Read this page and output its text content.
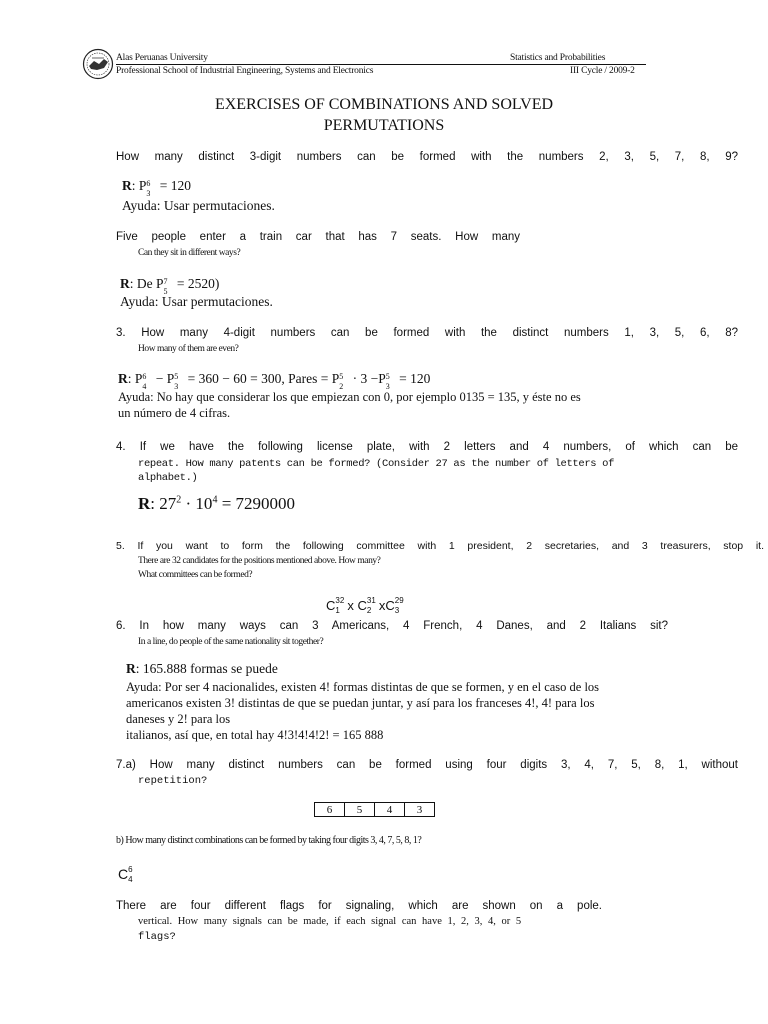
Alas Peruanas University
Professional School of Industrial Engineering, Systems and Electronics
Statistics and Probabilities
III Cycle / 2009-2
EXERCISES OF COMBINATIONS AND SOLVED
PERMUTATIONS
How many distinct 3-digit numbers can be formed with the numbers 2, 3, 5, 7, 8, 9?
R: P 6
3
= 120
Ayuda: Usar permutaciones.
Five people enter a train car that has 7 seats. How many
Can they sit in different ways?
R: De P 7
5
= 2520)
Ayuda: Usar permutaciones.
3. How many 4-digit numbers can be formed with the distinct numbers 1, 3, 5, 6, 8?
How many of them are even?
R: P 6
4
− P 5
3
= 360 − 60 = 300, Pares = P 5
2
· 3 −P 5
3
= 120
Ayuda: No hay que considerar los que empiezan con 0, por ejemplo 0135 = 135, y éste no es
un número de 4 cifras.
4. If we have the following license plate, with 2 letters and 4 numbers, of which can be
repeat. How many patents can be formed? (Consider 27 as the number of letters of
alphabet.)
R: $27^2 \cdot 10^4 = 7290000$
5. If you want to form the following committee with 1 president, 2 secretaries, and 3 treasurers, stop it.
There are 32 candidates for the positions mentioned above. How many?
What committees can be formed?
C 32
1 x C 31
2 xC 29
3
6. In how many ways can 3 Americans, 4 French, 4 Danes, and 2 Italians sit?
In a line, do people of the same nationality sit together?
R: 165.888 formas se puede
Ayuda: Por ser 4 nacionalides, existen 4! formas distintas de que se formen, y en el caso de los
americanos existen 3! distintas de que se puedan juntar, y así para los franceses 4!, 4! para los
daneses y 2! para los
italianos, así que, en total hay 4!3!4!4!2! = 165 888
7.a) How many distinct numbers can be formed using four digits 3, 4, 7, 5, 8, 1, without
repetition?
6	5	4	3
b) How many distinct combinations can be formed by taking four digits 3, 4, 7, 5, 8, 1?
C 6
4
There are four different flags for signaling, which are shown on a pole.
vertical. How many signals can be made, if each signal can have 1, 2, 3, 4, or 5
flags?
